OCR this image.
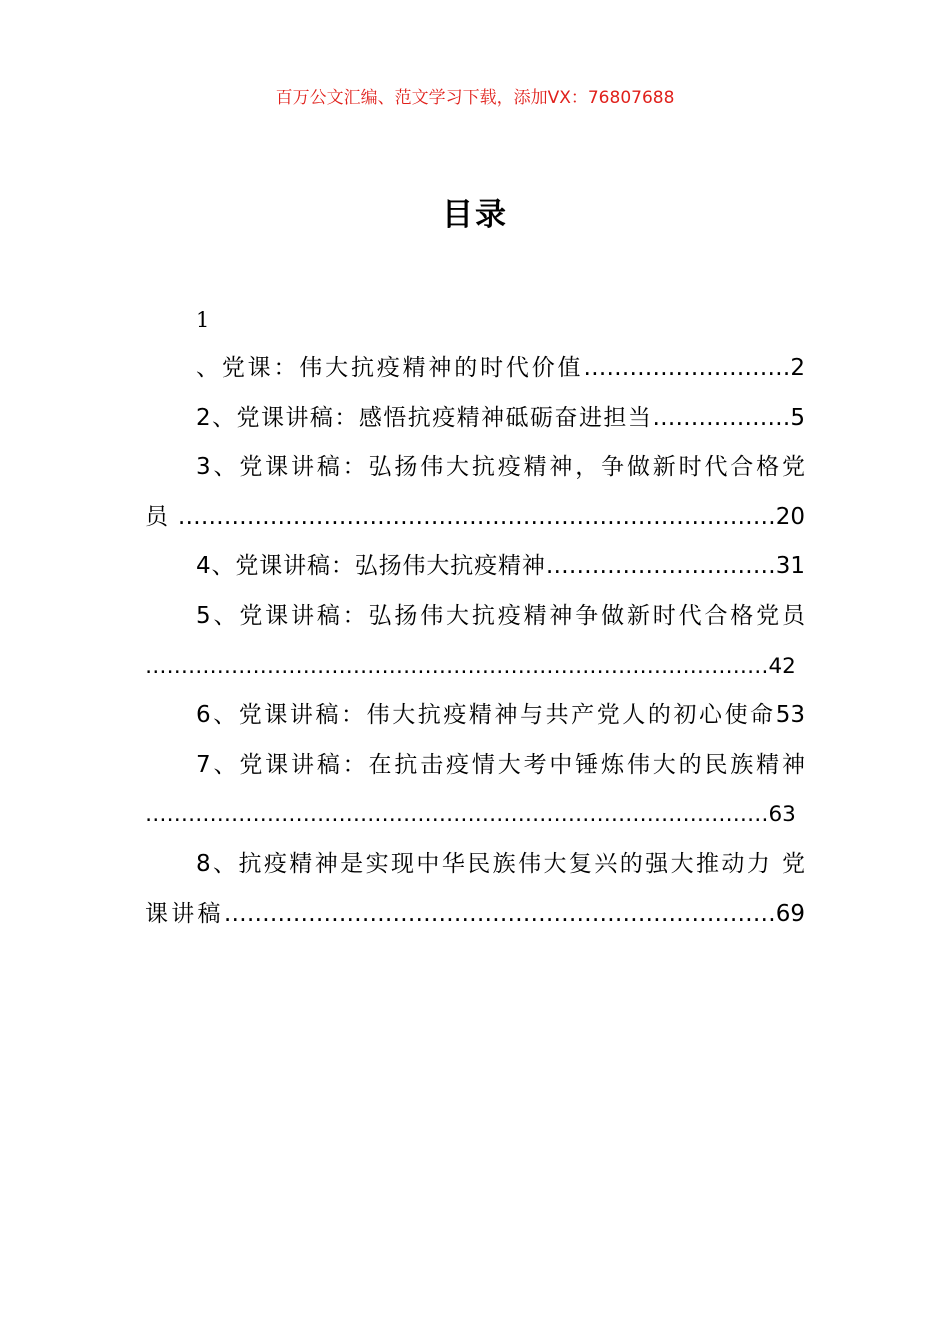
百万公文汇编、范文学习下载，添加VX：76807688
目录
1
、党课：伟大抗疫精神的时代价值………………………2
2、党课讲稿：感悟抗疫精神砥砺奋进担当………………5
3、党课讲稿：弘扬伟大抗疫精神，争做新时代合格党
员……………………………………………………………………20
4、党课讲稿：弘扬伟大抗疫精神…………………………31
5、党课讲稿：弘扬伟大抗疫精神争做新时代合格党员
……………………………………………………………………………42
6、党课讲稿：伟大抗疫精神与共产党人的初心使命53
7、党课讲稿：在抗击疫情大考中锤炼伟大的民族精神
……………………………………………………………………………63
8、抗疫精神是实现中华民族伟大复兴的强大推动力 党
课讲稿………………………………………………………………69
